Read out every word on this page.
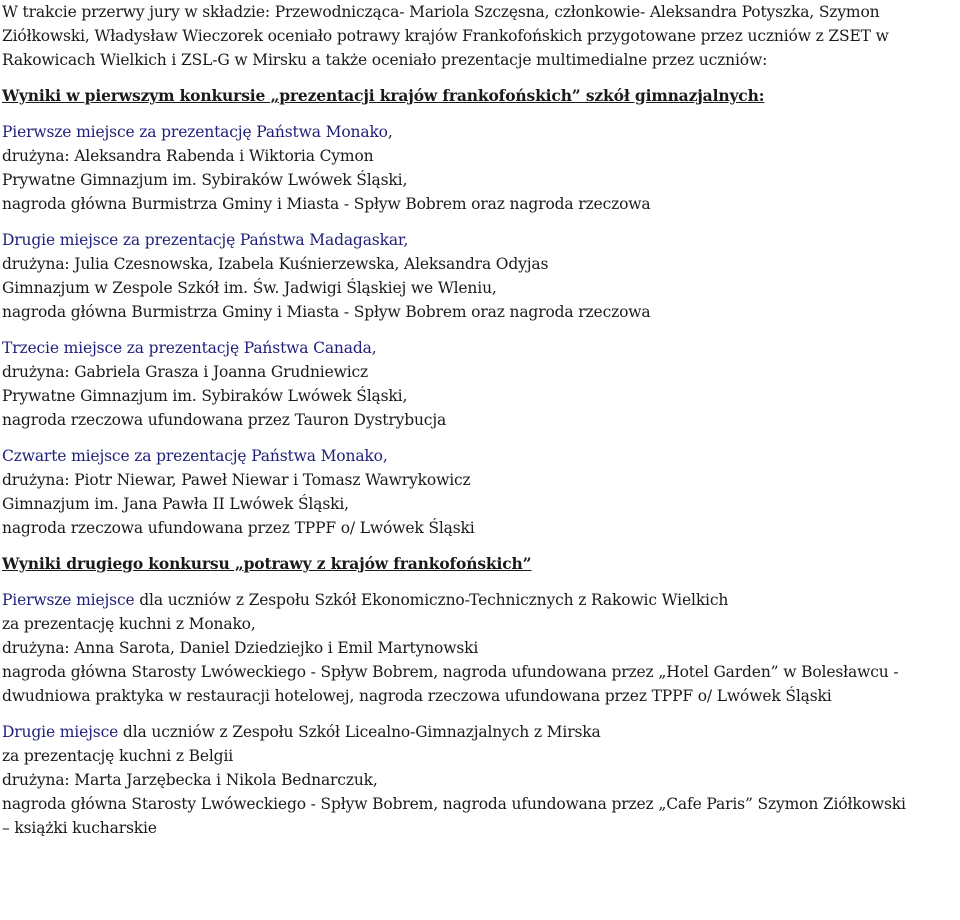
W trakcie przerwy jury w składzie: Przewodnicząca- Mariola Szczęsna, członkowie- Aleksandra Potyszka, Szymon
Ziółkowski, Władysław Wieczorek oceniało potrawy krajów Frankofońskich przygotowane przez uczniów z ZSET w
Rakowicach Wielkich i ZSL-G w Mirsku a także oceniało prezentacje multimedialne przez uczniów:
Wyniki w pierwszym konkursie „prezentacji krajów frankofońskich” szkół gimnazjalnych:
Pierwsze miejsce za prezentację Państwa Monako,
drużyna: Aleksandra Rabenda i Wiktoria Cymon
Prywatne Gimnazjum im. Sybiraków Lwówek Śląski,
nagroda główna Burmistrza Gminy i Miasta - Spływ Bobrem oraz nagroda rzeczowa
Drugie miejsce za prezentację Państwa Madagaskar,
drużyna: Julia Czesnowska, Izabela Kuśnierzewska, Aleksandra Odyjas
Gimnazjum w Zespole Szkół im. Św. Jadwigi Śląskiej we Wleniu,
nagroda główna Burmistrza Gminy i Miasta - Spływ Bobrem oraz nagroda rzeczowa
Trzecie miejsce za prezentację Państwa Canada,
drużyna: Gabriela Grasza i Joanna Grudniewicz
Prywatne Gimnazjum im. Sybiraków Lwówek Śląski,
nagroda rzeczowa ufundowana przez Tauron Dystrybucja
Czwarte miejsce za prezentację Państwa Monako,
drużyna: Piotr Niewar, Paweł Niewar i Tomasz Wawrykowicz
Gimnazjum im. Jana Pawła II Lwówek Śląski,
nagroda rzeczowa ufundowana przez TPPF o/ Lwówek Śląski
Wyniki drugiego konkursu „potrawy z krajów frankofońskich”
Pierwsze miejsce dla uczniów z Zespołu Szkół Ekonomiczno-Technicznych z Rakowic Wielkich
za prezentację kuchni z Monako,
drużyna: Anna Sarota, Daniel Dziedziejko i Emil Martynowski
nagroda główna Starosty Lwóweckiego - Spływ Bobrem, nagroda ufundowana przez „Hotel Garden” w Bolesławcu -
dwudniowa praktyka w restauracji hotelowej, nagroda rzeczowa ufundowana przez TPPF o/ Lwówek Śląski
Drugie miejsce dla uczniów z Zespołu Szkół Licealno-Gimnazjalnych z Mirska
za prezentację kuchni z Belgii
drużyna: Marta Jarzębecka i Nikola Bednarczuk,
nagroda główna Starosty Lwóweckiego - Spływ Bobrem, nagroda ufundowana przez „Cafe Paris” Szymon Ziółkowski
– książki kucharskie
